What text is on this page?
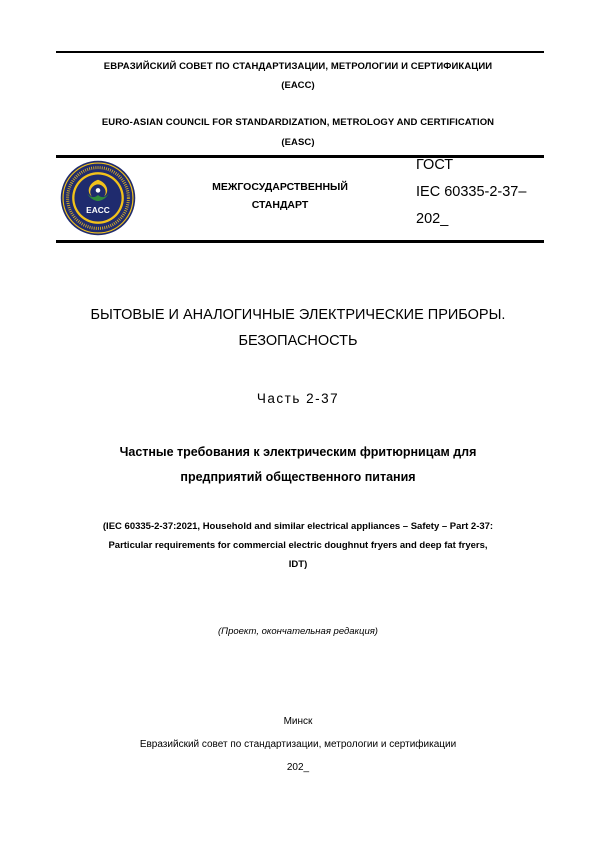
ЕВРАЗИЙСКИЙ СОВЕТ ПО СТАНДАРТИЗАЦИИ, МЕТРОЛОГИИ И СЕРТИФИКАЦИИ
(ЕАСС)
EURO-ASIAN COUNCIL FOR STANDARDIZATION, METROLOGY AND CERTIFICATION
(EASC)
EACC
МЕЖГОСУДАРСТВЕННЫЙ
СТАНДАРТ
ГОСТ
IEC 60335-2-37–
202_
БЫТОВЫЕ И АНАЛОГИЧНЫЕ ЭЛЕКТРИЧЕСКИЕ ПРИБОРЫ.
БЕЗОПАСНОСТЬ
Часть 2-37
Частные требования к электрическим фритюрницам для
предприятий общественного питания
(IEC 60335-2-37:2021, Household and similar electrical appliances – Safety – Part 2-37:
Particular requirements for commercial electric doughnut fryers and deep fat fryers,
IDT)
(Проект, окончательная редакция)
Минск
Евразийский совет по стандартизации, метрологии и сертификации
202_
